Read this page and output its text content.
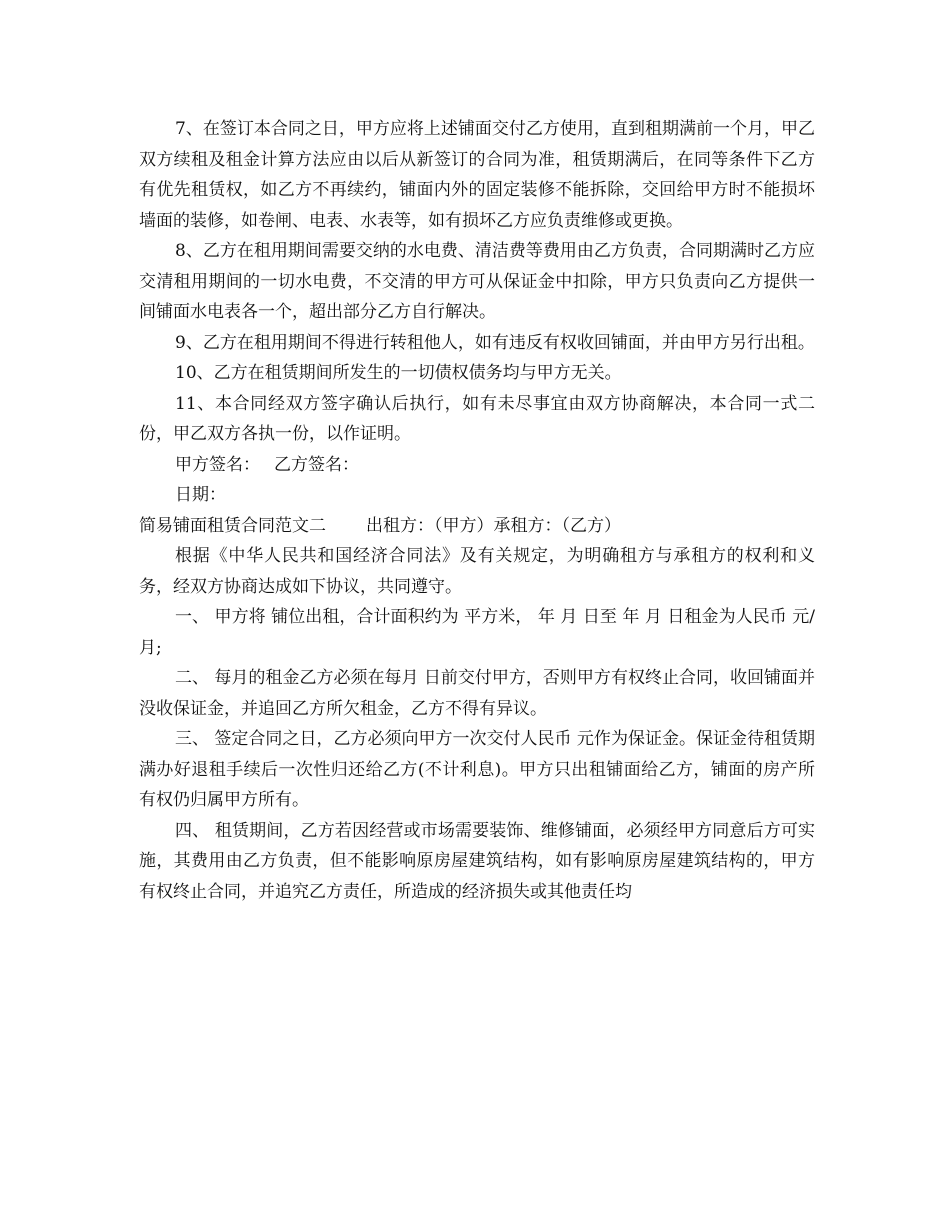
7、在签订本合同之日，甲方应将上述铺面交付乙方使用，直到租期满前一个月，甲乙双方续租及租金计算方法应由以后从新签订的合同为准，租赁期满后，在同等条件下乙方有优先租赁权，如乙方不再续约，铺面内外的固定装修不能拆除，交回给甲方时不能损坏墙面的装修，如卷闸、电表、水表等，如有损坏乙方应负责维修或更换。

8、乙方在租用期间需要交纳的水电费、清洁费等费用由乙方负责，合同期满时乙方应交清租用期间的一切水电费，不交清的甲方可从保证金中扣除，甲方只负责向乙方提供一间铺面水电表各一个，超出部分乙方自行解决。

9、乙方在租用期间不得进行转租他人，如有违反有权收回铺面，并由甲方另行出租。

10、乙方在租赁期间所发生的一切债权债务均与甲方无关。

11、本合同经双方签字确认后执行，如有未尽事宜由双方协商解决，本合同一式二份，甲乙双方各执一份，以作证明。

甲方签名： 乙方签名：

日期：

简易铺面租赁合同范文二 出租方：（甲方）承租方：（乙方）

根据《中华人民共和国经济合同法》及有关规定，为明确租方与承租方的权利和义务，经双方协商达成如下协议，共同遵守。

一、 甲方将 铺位出租，合计面积约为 平方米， 年 月 日至 年 月 日租金为人民币 元/月;

二、 每月的租金乙方必须在每月 日前交付甲方，否则甲方有权终止合同，收回铺面并没收保证金，并追回乙方所欠租金，乙方不得有异议。

三、 签定合同之日，乙方必须向甲方一次交付人民币 元作为保证金。保证金待租赁期满办好退租手续后一次性归还给乙方(不计利息)。甲方只出租铺面给乙方，铺面的房产所有权仍归属甲方所有。

四、 租赁期间，乙方若因经营或市场需要装饰、维修铺面，必须经甲方同意后方可实施，其费用由乙方负责，但不能影响原房屋建筑结构，如有影响原房屋建筑结构的，甲方有权终止合同，并追究乙方责任，所造成的经济损失或其他责任均
